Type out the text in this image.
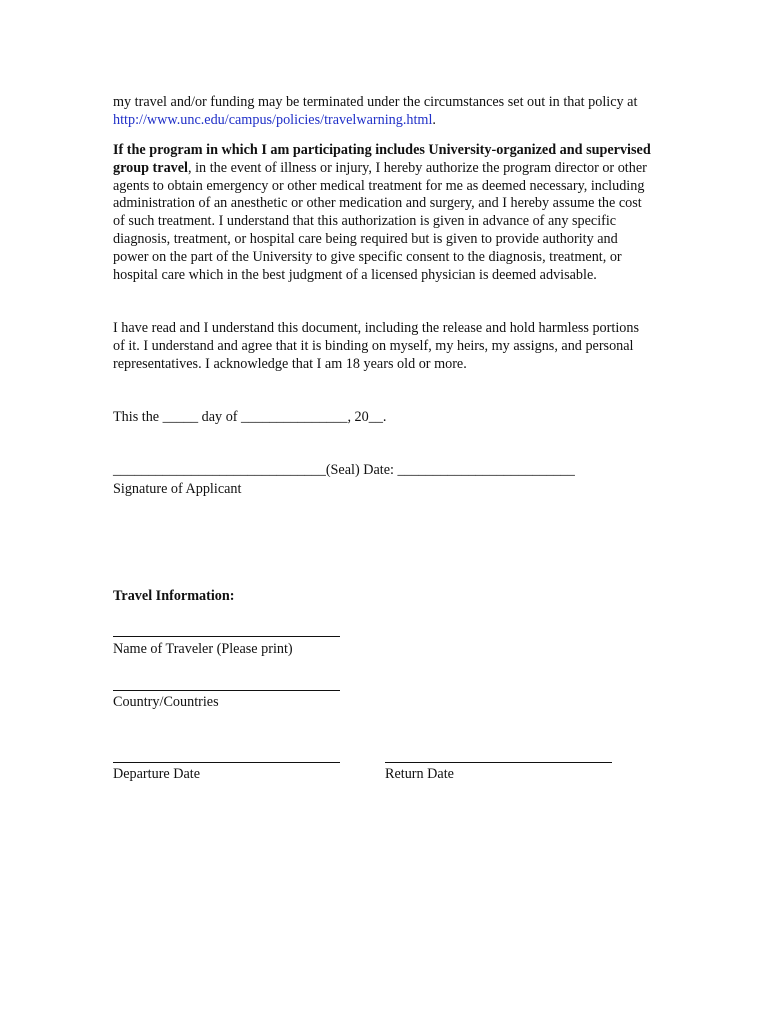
my travel and/or funding may be terminated under the circumstances set out in that policy at http://www.unc.edu/campus/policies/travelwarning.html.

If the program in which I am participating includes University-organized and supervised group travel, in the event of illness or injury, I hereby authorize the program director or other agents to obtain emergency or other medical treatment for me as deemed necessary, including administration of an anesthetic or other medication and surgery, and I hereby assume the cost of such treatment. I understand that this authorization is given in advance of any specific diagnosis, treatment, or hospital care being required but is given to provide authority and power on the part of the University to give specific consent to the diagnosis, treatment, or hospital care which in the best judgment of a licensed physician is deemed advisable.

I have read and I understand this document, including the release and hold harmless portions of it. I understand and agree that it is binding on myself, my heirs, my assigns, and personal representatives. I acknowledge that I am 18 years old or more.

This the _____ day of _______________, 20__.
______________________________(Seal) Date: _________________________
Signature of Applicant
Travel Information:
Name of Traveler (Please print)
Country/Countries
Departure Date	Return Date
